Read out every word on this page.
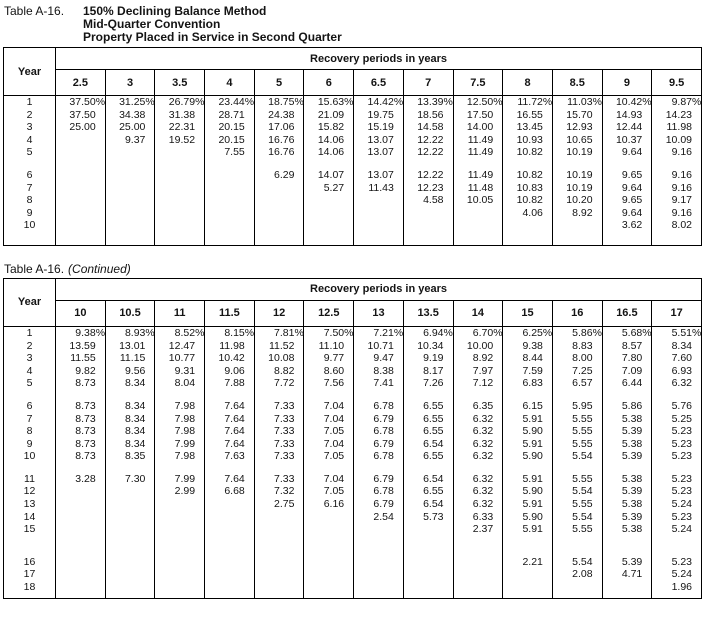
Table A-16.	150% Declining Balance Method
Mid-Quarter Convention
Property Placed in Service in Second Quarter
Year	Recovery periods in years												
	2.5	3	3.5	4	5	6	6.5	7	7.5	8	8.5	9	9.5
1	37.50%	31.25%	26.79%	23.44%	18.75%	15.63%	14.42%	13.39%	12.50%	11.72%	11.03%	10.42%	9.87%
2	37.50	34.38	31.38	28.71	24.38	21.09	19.75	18.56	17.50	16.55	15.70	14.93	14.23
3	25.00	25.00	22.31	20.15	17.06	15.82	15.19	14.58	14.00	13.45	12.93	12.44	11.98
4		9.37	19.52	20.15	16.76	14.06	13.07	12.22	11.49	10.93	10.65	10.37	10.09
5				7.55	16.76	14.06	13.07	12.22	11.49	10.82	10.19	9.64	9.16

6					6.29	14.07	13.07	12.22	11.49	10.82	10.19	9.65	9.16
7						5.27	11.43	12.23	11.48	10.83	10.19	9.64	9.16
8								4.58	10.05	10.82	10.20	9.65	9.17
9										4.06	8.92	9.64	9.16
10												3.62	8.02

Table A-16. (Continued)
Year	Recovery periods in years												
	10	10.5	11	11.5	12	12.5	13	13.5	14	15	16	16.5	17
1	9.38%	8.93%	8.52%	8.15%	7.81%	7.50%	7.21%	6.94%	6.70%	6.25%	5.86%	5.68%	5.51%
2	13.59	13.01	12.47	11.98	11.52	11.10	10.71	10.34	10.00	9.38	8.83	8.57	8.34
3	11.55	11.15	10.77	10.42	10.08	9.77	9.47	9.19	8.92	8.44	8.00	7.80	7.60
4	9.82	9.56	9.31	9.06	8.82	8.60	8.38	8.17	7.97	7.59	7.25	7.09	6.93
5	8.73	8.34	8.04	7.88	7.72	7.56	7.41	7.26	7.12	6.83	6.57	6.44	6.32

6	8.73	8.34	7.98	7.64	7.33	7.04	6.78	6.55	6.35	6.15	5.95	5.86	5.76
7	8.73	8.34	7.98	7.64	7.33	7.04	6.79	6.55	6.32	5.91	5.55	5.38	5.25
8	8.73	8.34	7.98	7.64	7.33	7.05	6.78	6.55	6.32	5.90	5.55	5.39	5.23
9	8.73	8.34	7.99	7.64	7.33	7.04	6.79	6.54	6.32	5.91	5.55	5.38	5.23
10	8.73	8.35	7.98	7.63	7.33	7.05	6.78	6.55	6.32	5.90	5.54	5.39	5.23

11	3.28	7.30	7.99	7.64	7.33	7.04	6.79	6.54	6.32	5.91	5.55	5.38	5.23
12			2.99	6.68	7.32	7.05	6.78	6.55	6.32	5.90	5.54	5.39	5.23
13					2.75	6.16	6.79	6.54	6.32	5.91	5.55	5.38	5.24
14							2.54	5.73	6.33	5.90	5.54	5.39	5.23
15									2.37	5.91	5.55	5.38	5.24

16										2.21	5.54	5.39	5.23
17											2.08	4.71	5.24
18													1.96
